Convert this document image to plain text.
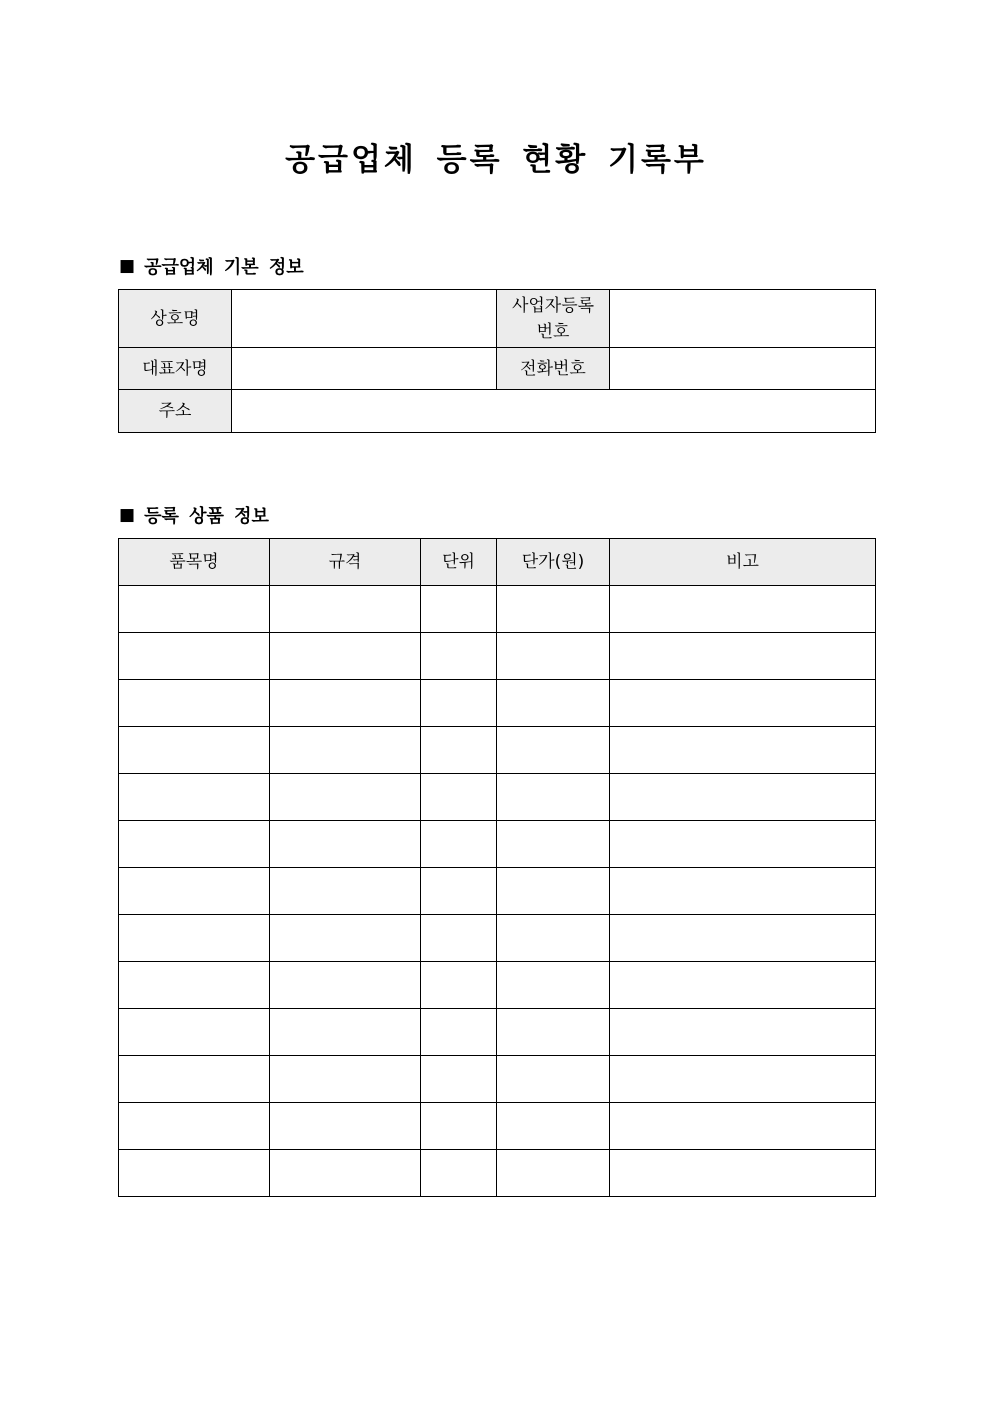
공급업체 등록 현황 기록부
■ 공급업체 기본 정보
상호명		사업자등록
번호	

대표자명		전화번호	
주소			
■ 등록 상품 정보
품목명	규격	단위	단가(원)	비고
